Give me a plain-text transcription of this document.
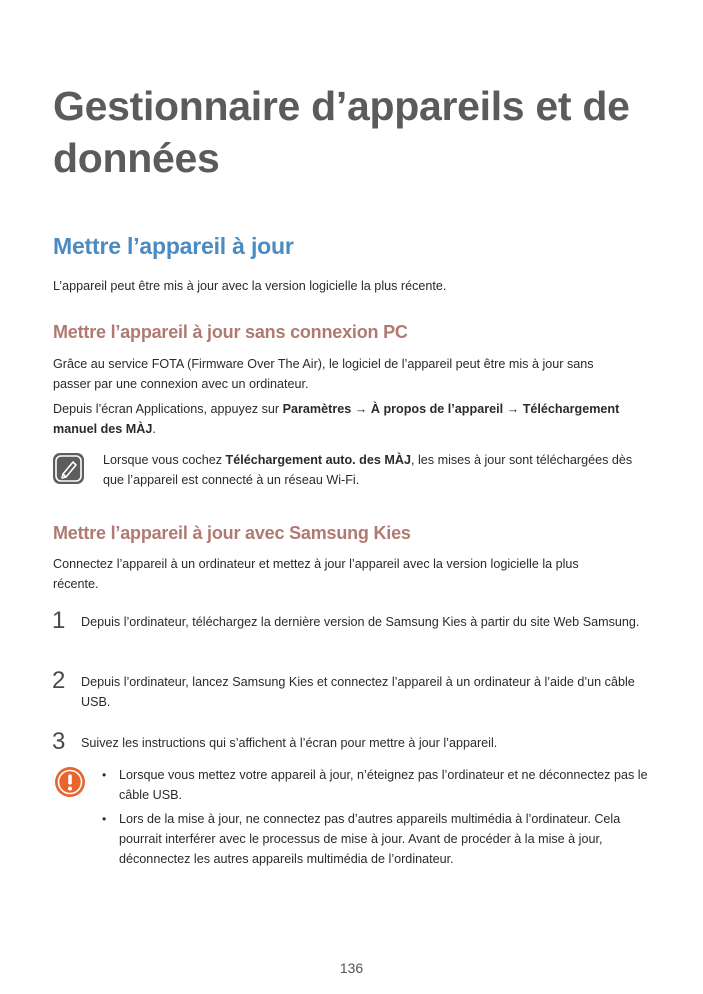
Gestionnaire d’appareils et de données
Mettre l’appareil à jour

L’appareil peut être mis à jour avec la version logicielle la plus récente.

Mettre l’appareil à jour sans connexion PC

Grâce au service FOTA (Firmware Over The Air), le logiciel de l’appareil peut être mis à jour sans passer par une connexion avec un ordinateur.

Depuis l’écran Applications, appuyez sur Paramètres → À propos de l’appareil → Téléchargement manuel des MÀJ.

Lorsque vous cochez Téléchargement auto. des MÀJ, les mises à jour sont téléchargées dès que l’appareil est connecté à un réseau Wi-Fi.

Mettre l’appareil à jour avec Samsung Kies

Connectez l’appareil à un ordinateur et mettez à jour l’appareil avec la version logicielle la plus récente.

1 Depuis l’ordinateur, téléchargez la dernière version de Samsung Kies à partir du site Web Samsung.

2 Depuis l’ordinateur, lancez Samsung Kies et connectez l’appareil à un ordinateur à l’aide d’un câble USB.

3 Suivez les instructions qui s’affichent à l’écran pour mettre à jour l’appareil.

• Lorsque vous mettez votre appareil à jour, n’éteignez pas l’ordinateur et ne déconnectez pas le câble USB.

• Lors de la mise à jour, ne connectez pas d’autres appareils multimédia à l’ordinateur. Cela pourrait interférer avec le processus de mise à jour. Avant de procéder à la mise à jour, déconnectez les autres appareils multimédia de l’ordinateur.

136
